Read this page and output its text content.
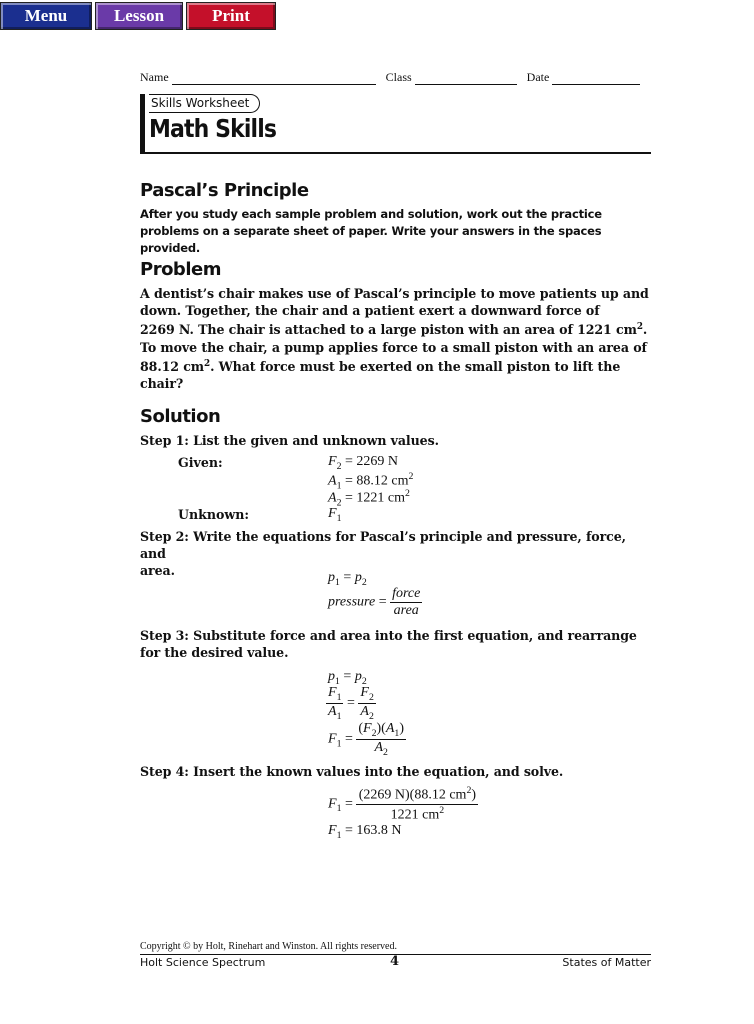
Menu	Lesson	Print
Name	Class	Date
Skills Worksheet
Math Skills
Pascal’s Principle
After you study each sample problem and solution, work out the practice problems on a separate sheet of paper. Write your answers in the spaces provided.
Problem
A dentist’s chair makes use of Pascal’s principle to move patients up and
down. Together, the chair and a patient exert a downward force of
2269 N. The chair is attached to a large piston with an area of 1221 $cm^2$.
To move the chair, a pump applies force to a small piston with an area of
88.12 $cm^2$. What force must be exerted on the small piston to lift the
chair?
Solution
Step 1: List the given and unknown values.
Given:	$F_2 = 2269$ N
$A_1 = 88.12$ $cm^2$
$A_2 = 1221$ $cm^2$
Unknown:	$F_1$
Step 2: Write the equations for Pascal’s principle and pressure, force, and
area.	$p_1 = p_2$
pressure = $\frac{\text{force}}{\text{area}}$
Step 3: Substitute force and area into the first equation, and rearrange
for the desired value.
$p_1 = p_2$
$\frac{F_1}{A_1} = \frac{F_2}{A_2}$
$F_1 = \frac{(F_2)(A_1)}{A_2}$
Step 4: Insert the known values into the equation, and solve.
$F_1 = \frac{(2269 N)(88.12 cm^2)}{1221 cm^2}$
$F_1 = 163.8$ N
Copyright © by Holt, Rinehart and Winston. All rights reserved.
Holt Science Spectrum	4	States of Matter
